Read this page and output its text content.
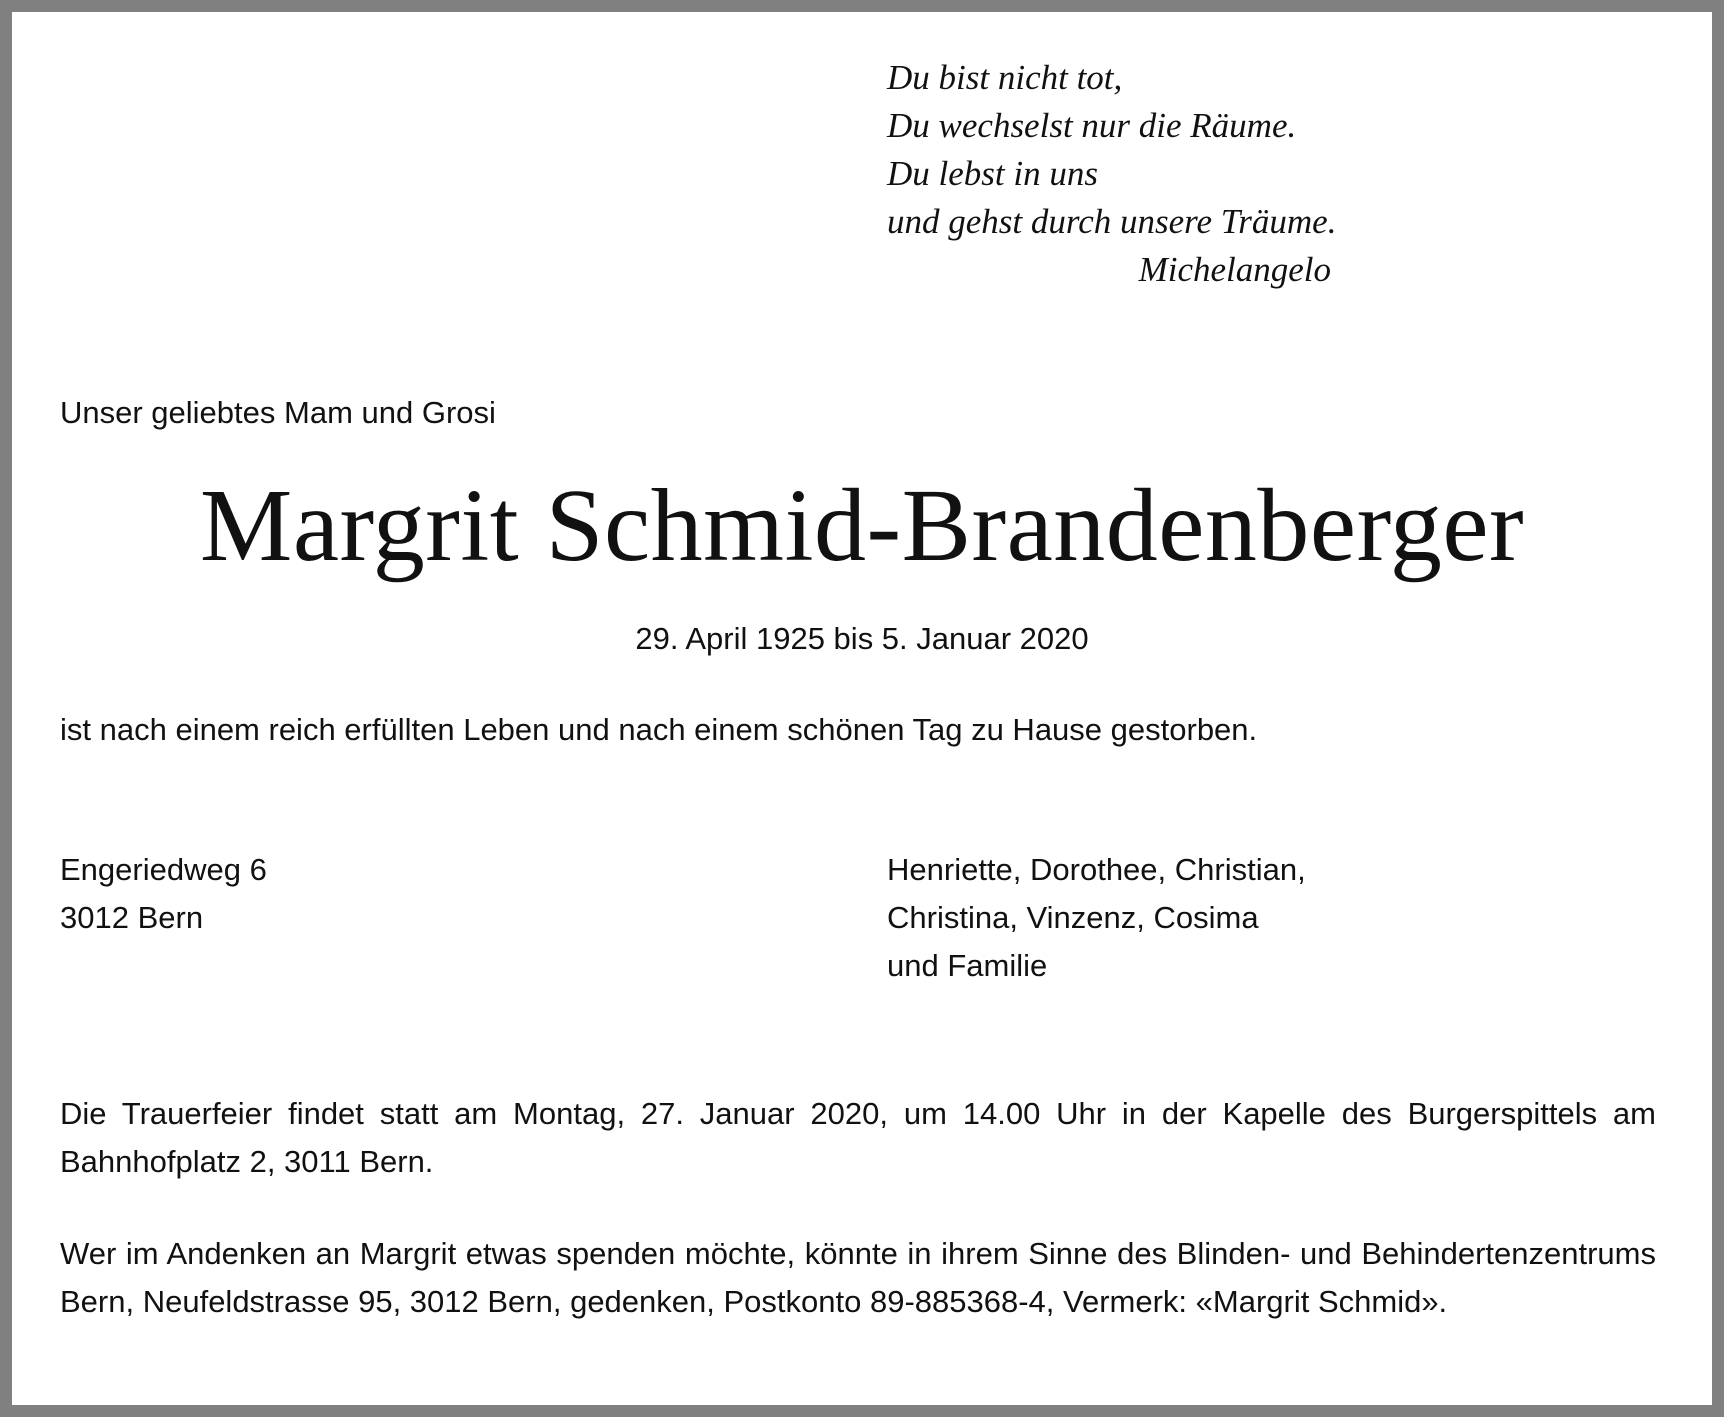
Du bist nicht tot,
Du wechselst nur die Räume.
Du lebst in uns
und gehst durch unsere Träume.
Michelangelo
Unser geliebtes Mam und Grosi
Margrit Schmid-Brandenberger
29. April 1925 bis 5. Januar 2020
ist nach einem reich erfüllten Leben und nach einem schönen Tag zu Hause gestorben.
Engeriedweg 6
3012 Bern
Henriette, Dorothee, Christian,
Christina, Vinzenz, Cosima
und Familie
Die Trauerfeier findet statt am Montag, 27. Januar 2020, um 14.00 Uhr in der Kapelle des Burgerspittels am Bahnhofplatz 2, 3011 Bern.
Wer im Andenken an Margrit etwas spenden möchte, könnte in ihrem Sinne des Blinden- und Behindertenzentrums Bern, Neufeldstrasse 95, 3012 Bern, gedenken, Postkonto 89-885368-4, Vermerk: «Margrit Schmid».
